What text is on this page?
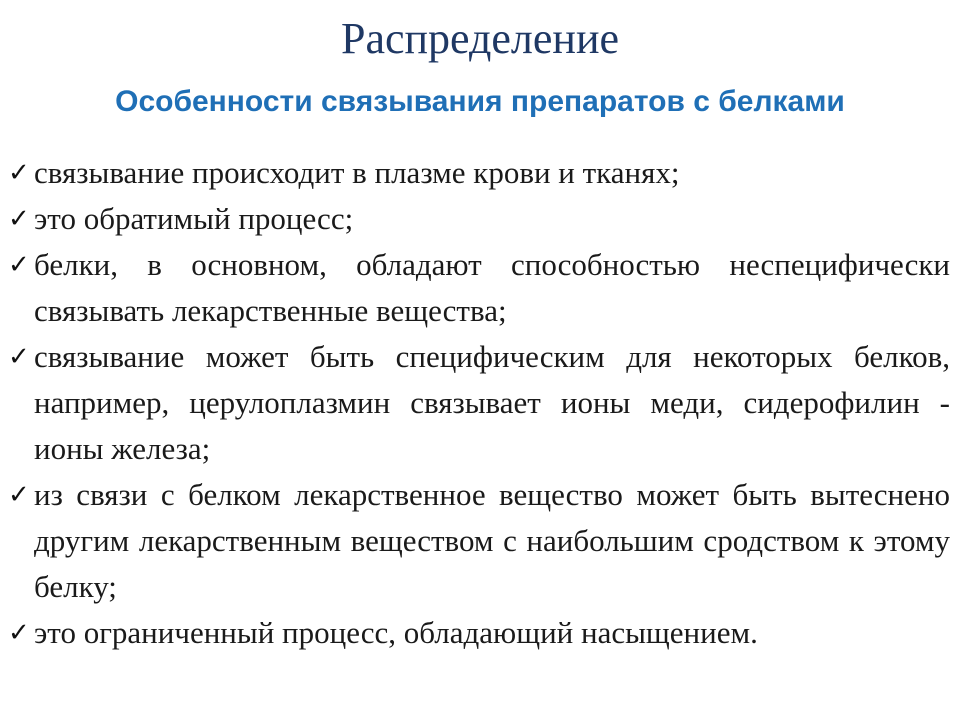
Распределение
Особенности связывания препаратов с белками
✓ связывание происходит в плазме крови и тканях;
✓ это обратимый процесс;
✓ белки, в основном, обладают способностью неспецифически связывать лекарственные вещества;
✓ связывание может быть специфическим для некоторых белков, например, церулоплазмин связывает ионы меди, сидерофилин - ионы железа;
✓ из связи с белком лекарственное вещество может быть вытеснено другим лекарственным веществом с наибольшим сродством к этому белку;
✓ это ограниченный процесс, обладающий насыщением.
